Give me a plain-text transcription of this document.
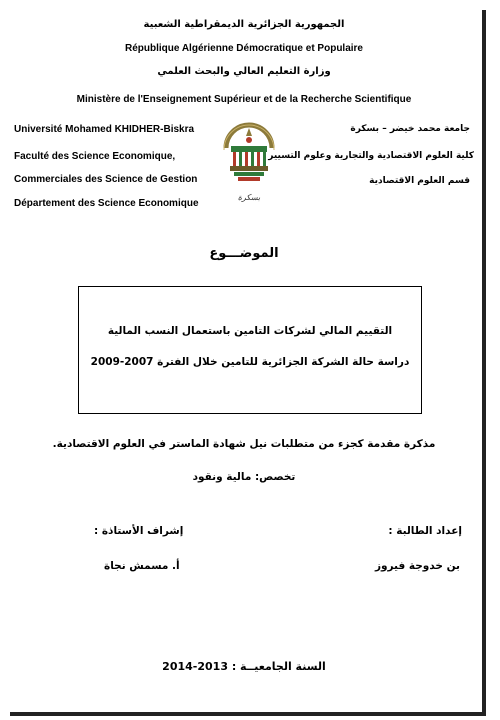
الجمهورية الجزائرية الديمقراطية الشعبية
République Algérienne Démocratique et Populaire
وزارة التعليم العالي والبحث العلمي
Ministère de l'Enseignement Supérieur et de la Recherche Scientifique
Université Mohamed KHIDHER-Biskra
Faculté des Science Economique,
Commerciales des Science de Gestion
Département des Science Economique
جامعة محمد خيضر – بسكرة
كلية العلوم الاقتصادية والتجارية وعلوم التسيير
قسم العلوم الاقتصادية
بسكرة
الموضـــوع
التقييم المالي لشركات التامين باستعمال النسب المالية
دراسة حالة الشركة الجزائرية للتامين خلال الفترة 2007-2009
مذكرة مقدمة كجزء من متطلبات نيل شهادة الماستر في العلوم الاقتصادية.
تخصص: مالية ونقود
إعداد الطالبة :
إشراف الأستاذة :
بن خدوجة فيروز
أ. مسمش نجاة
السنة الجامعيــة : 2013-2014
